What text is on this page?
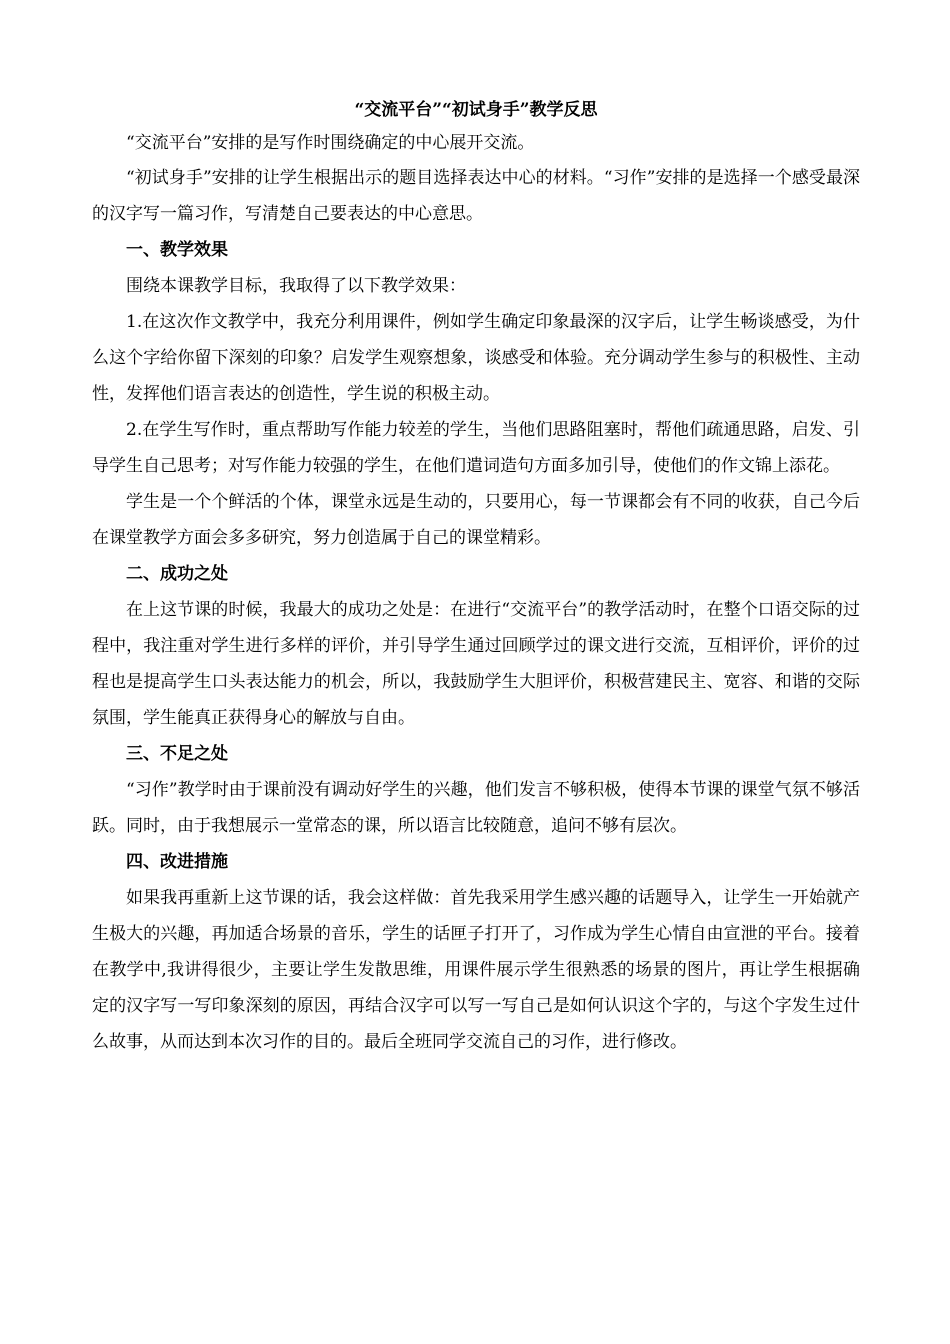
“交流平台”“初试身手”教学反思

“交流平台”安排的是写作时围绕确定的中心展开交流。

“初试身手”安排的让学生根据出示的题目选择表达中心的材料。“习作”安排的是选择一个感受最深的汉字写一篇习作，写清楚自己要表达的中心意思。

一、教学效果

围绕本课教学目标，我取得了以下教学效果：

1.在这次作文教学中，我充分利用课件，例如学生确定印象最深的汉字后，让学生畅谈感受，为什么这个字给你留下深刻的印象？启发学生观察想象，谈感受和体验。充分调动学生参与的积极性、主动性，发挥他们语言表达的创造性，学生说的积极主动。

2.在学生写作时，重点帮助写作能力较差的学生，当他们思路阻塞时，帮他们疏通思路，启发、引导学生自己思考；对写作能力较强的学生，在他们遣词造句方面多加引导，使他们的作文锦上添花。

学生是一个个鲜活的个体，课堂永远是生动的，只要用心，每一节课都会有不同的收获，自己今后在课堂教学方面会多多研究，努力创造属于自己的课堂精彩。

二、成功之处

在上这节课的时候，我最大的成功之处是：在进行“交流平台”的教学活动时，在整个口语交际的过程中，我注重对学生进行多样的评价，并引导学生通过回顾学过的课文进行交流，互相评价，评价的过程也是提高学生口头表达能力的机会，所以，我鼓励学生大胆评价，积极营建民主、宽容、和谐的交际氛围，学生能真正获得身心的解放与自由。

三、不足之处

“习作”教学时由于课前没有调动好学生的兴趣，他们发言不够积极，使得本节课的课堂气氛不够活跃。同时，由于我想展示一堂常态的课，所以语言比较随意，追问不够有层次。

四、改进措施

如果我再重新上这节课的话，我会这样做：首先我采用学生感兴趣的话题导入，让学生一开始就产生极大的兴趣，再加适合场景的音乐，学生的话匣子打开了，习作成为学生心情自由宣泄的平台。接着在教学中,我讲得很少，主要让学生发散思维，用课件展示学生很熟悉的场景的图片，再让学生根据确定的汉字写一写印象深刻的原因，再结合汉字可以写一写自己是如何认识这个字的，与这个字发生过什么故事，从而达到本次习作的目的。最后全班同学交流自己的习作，进行修改。
